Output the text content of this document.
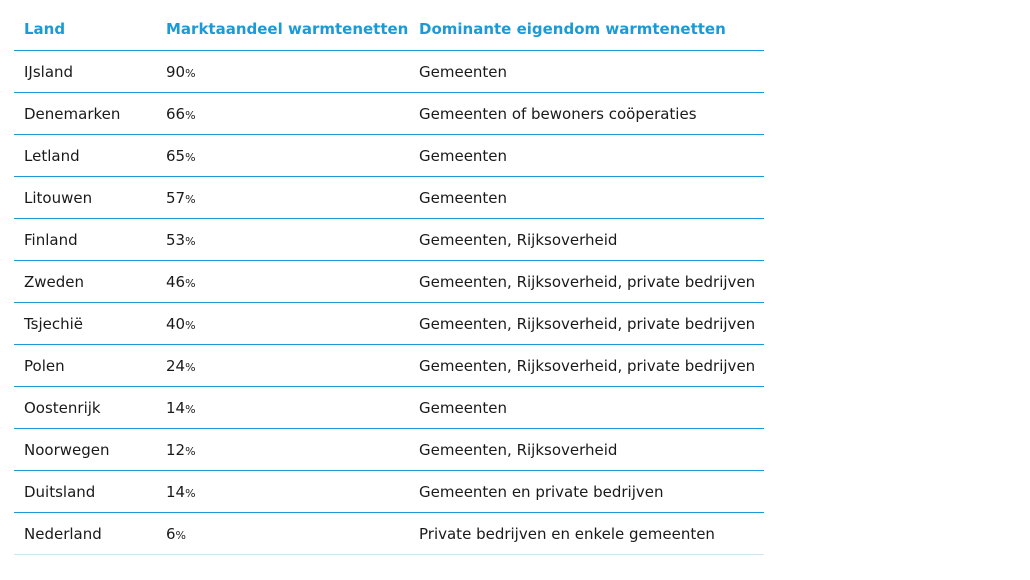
Land	Marktaandeel warmtenetten	Dominante eigendom warmtenetten
IJsland	90%	Gemeenten
Denemarken	66%	Gemeenten of bewoners coöperaties
Letland	65%	Gemeenten
Litouwen	57%	Gemeenten
Finland	53%	Gemeenten, Rijksoverheid
Zweden	46%	Gemeenten, Rijksoverheid, private bedrijven
Tsjechië	40%	Gemeenten, Rijksoverheid, private bedrijven
Polen	24%	Gemeenten, Rijksoverheid, private bedrijven
Oostenrijk	14%	Gemeenten
Noorwegen	12%	Gemeenten, Rijksoverheid
Duitsland	14%	Gemeenten en private bedrijven
Nederland	6%	Private bedrijven en enkele gemeenten
